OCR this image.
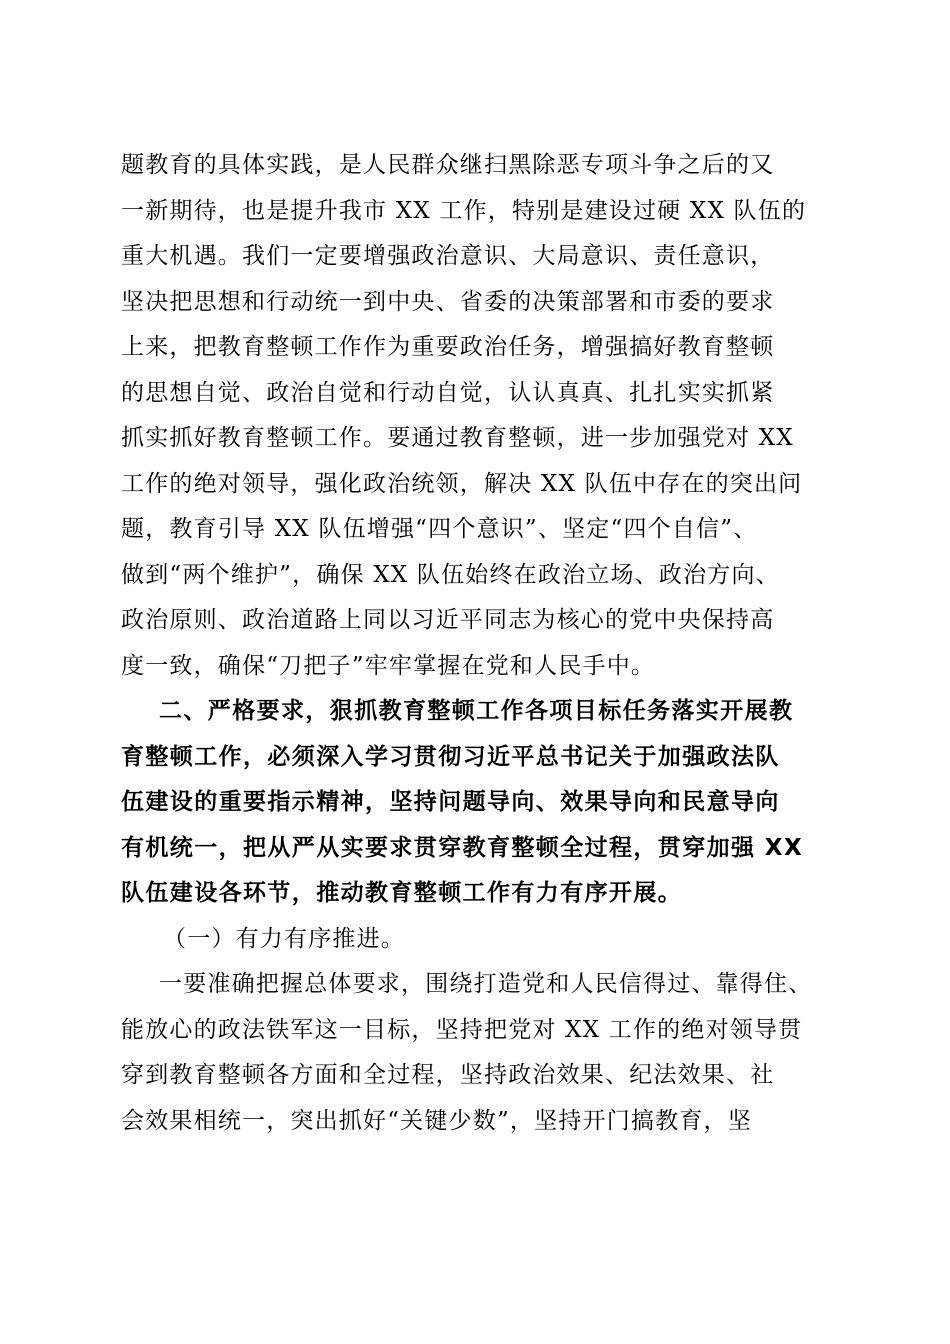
题教育的具体实践，是人民群众继扫黑除恶专项斗争之后的又
一新期待，也是提升我市 XX 工作，特别是建设过硬 XX 队伍的
重大机遇。我们一定要增强政治意识、大局意识、责任意识，
坚决把思想和行动统一到中央、省委的决策部署和市委的要求
上来，把教育整顿工作作为重要政治任务，增强搞好教育整顿
的思想自觉、政治自觉和行动自觉，认认真真、扎扎实实抓紧
抓实抓好教育整顿工作。要通过教育整顿，进一步加强党对 XX
工作的绝对领导，强化政治统领，解决 XX 队伍中存在的突出问
题，教育引导 XX 队伍增强“四个意识”、坚定“四个自信”、
做到“两个维护”，确保 XX 队伍始终在政治立场、政治方向、
政治原则、政治道路上同以习近平同志为核心的党中央保持高
度一致，确保“刀把子”牢牢掌握在党和人民手中。
二、严格要求，狠抓教育整顿工作各项目标任务落实开展教
育整顿工作，必须深入学习贯彻习近平总书记关于加强政法队
伍建设的重要指示精神，坚持问题导向、效果导向和民意导向
有机统一，把从严从实要求贯穿教育整顿全过程，贯穿加强 XX
队伍建设各环节，推动教育整顿工作有力有序开展。
（一）有力有序推进。
一要准确把握总体要求，围绕打造党和人民信得过、靠得住、
能放心的政法铁军这一目标，坚持把党对 XX 工作的绝对领导贯
穿到教育整顿各方面和全过程，坚持政治效果、纪法效果、社
会效果相统一，突出抓好“关键少数”，坚持开门搞教育，坚
